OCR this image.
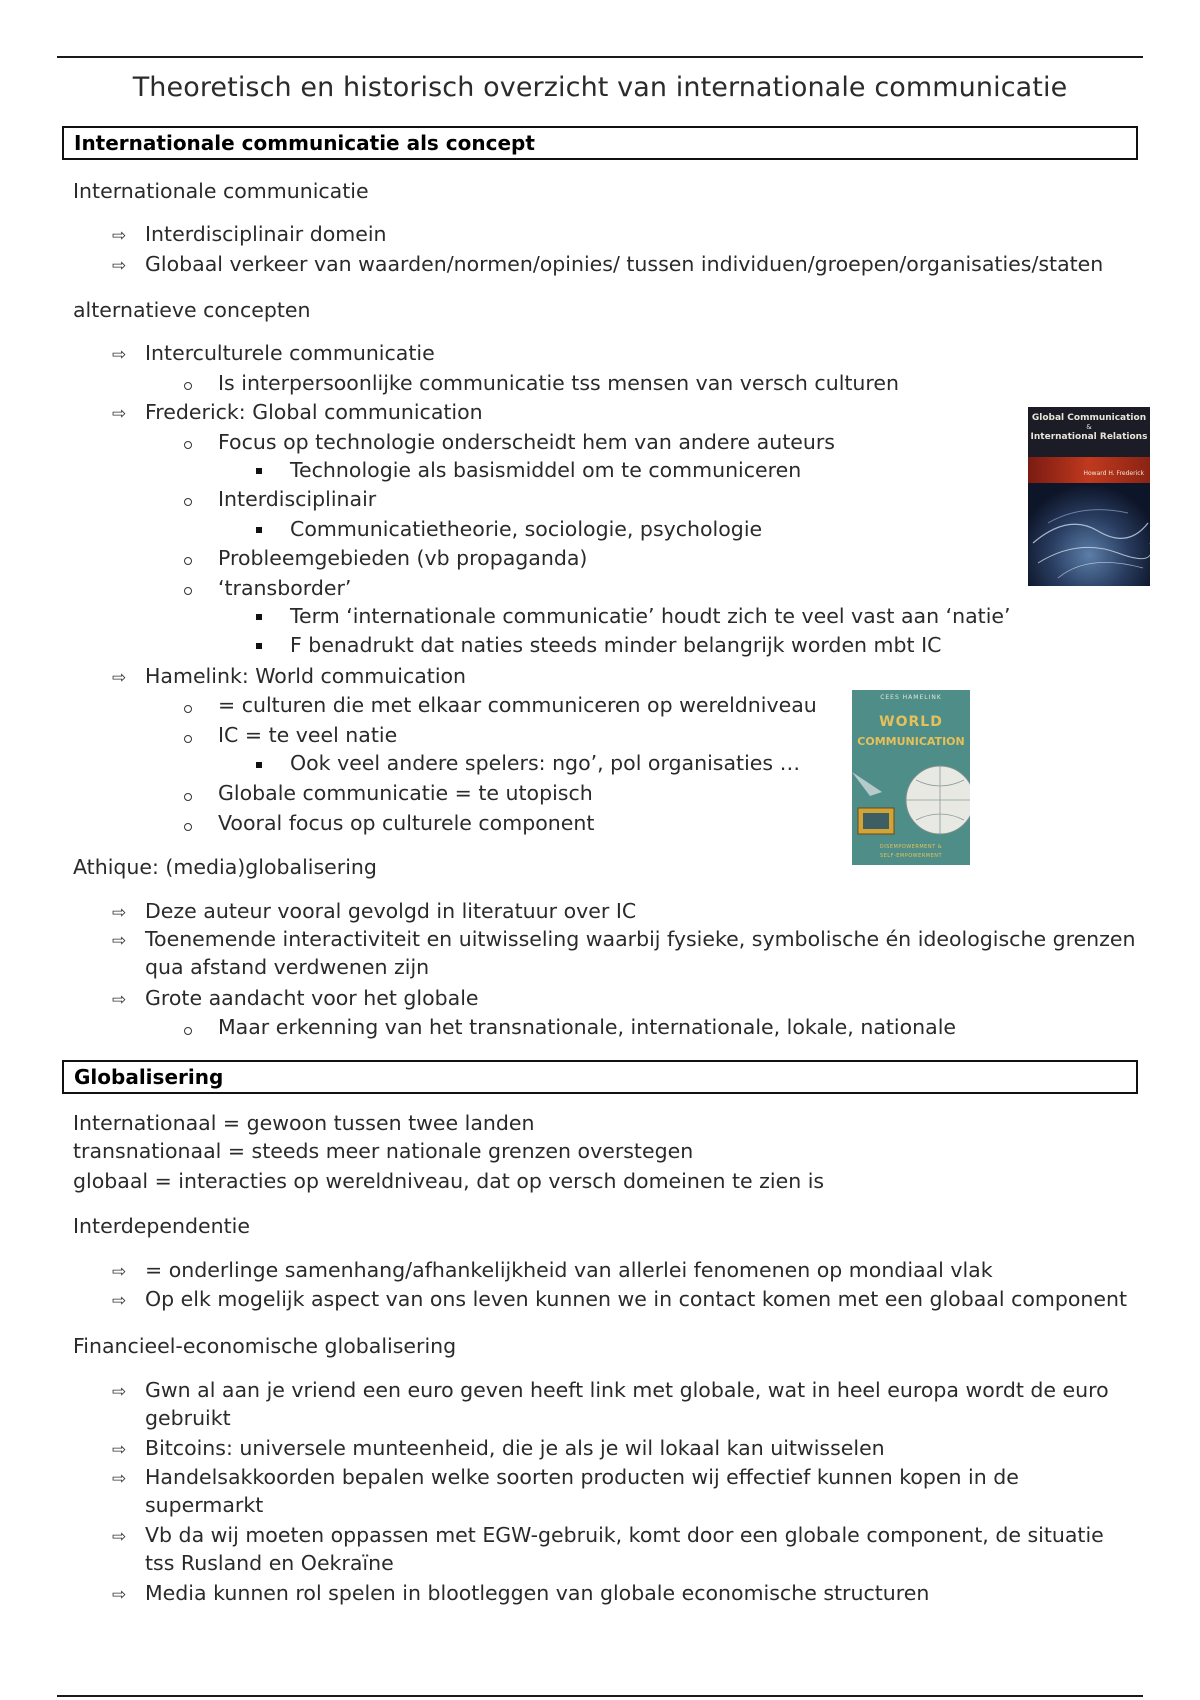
Theoretisch en historisch overzicht van internationale communicatie
Internationale communicatie als concept
Internationale communicatie
⇨ Interdisciplinair domein
⇨ Globaal verkeer van waarden/normen/opinies/ tussen individuen/groepen/organisaties/staten
alternatieve concepten
⇨ Interculturele communicatie
Is interpersoonlijke communicatie tss mensen van versch culturen
⇨ Frederick: Global communication
Focus op technologie onderscheidt hem van andere auteurs
Technologie als basismiddel om te communiceren
Interdisciplinair
Communicatietheorie, sociologie, psychologie
Probleemgebieden (vb propaganda)
‘transborder’
Term ‘internationale communicatie’ houdt zich te veel vast aan ‘natie’
F benadrukt dat naties steeds minder belangrijk worden mbt IC
⇨ Hamelink: World commuication
= culturen die met elkaar communiceren op wereldniveau
IC = te veel natie
Ook veel andere spelers: ngo’, pol organisaties …
Globale communicatie = te utopisch
Vooral focus op culturele component
Athique: (media)globalisering
⇨ Deze auteur vooral gevolgd in literatuur over IC
⇨ Toenemende interactiviteit en uitwisseling waarbij fysieke, symbolische én ideologische grenzen
qua afstand verdwenen zijn
⇨ Grote aandacht voor het globale
Maar erkenning van het transnationale, internationale, lokale, nationale
Global Communication
&
International Relations
Howard H. Frederick
CEES HAMELINK
WORLD
COMMUNICATION
DISEMPOWERMENT &
SELF-EMPOWERMENT
Globalisering
Internationaal = gewoon tussen twee landen
transnationaal = steeds meer nationale grenzen overstegen
globaal = interacties op wereldniveau, dat op versch domeinen te zien is
Interdependentie
⇨ = onderlinge samenhang/afhankelijkheid van allerlei fenomenen op mondiaal vlak
⇨ Op elk mogelijk aspect van ons leven kunnen we in contact komen met een globaal component
Financieel-economische globalisering
⇨ Gwn al aan je vriend een euro geven heeft link met globale, wat in heel europa wordt de euro
gebruikt
⇨ Bitcoins: universele munteenheid, die je als je wil lokaal kan uitwisselen
⇨ Handelsakkoorden bepalen welke soorten producten wij effectief kunnen kopen in de
supermarkt
⇨ Vb da wij moeten oppassen met EGW-gebruik, komt door een globale component, de situatie
tss Rusland en Oekraïne
⇨ Media kunnen rol spelen in blootleggen van globale economische structuren
